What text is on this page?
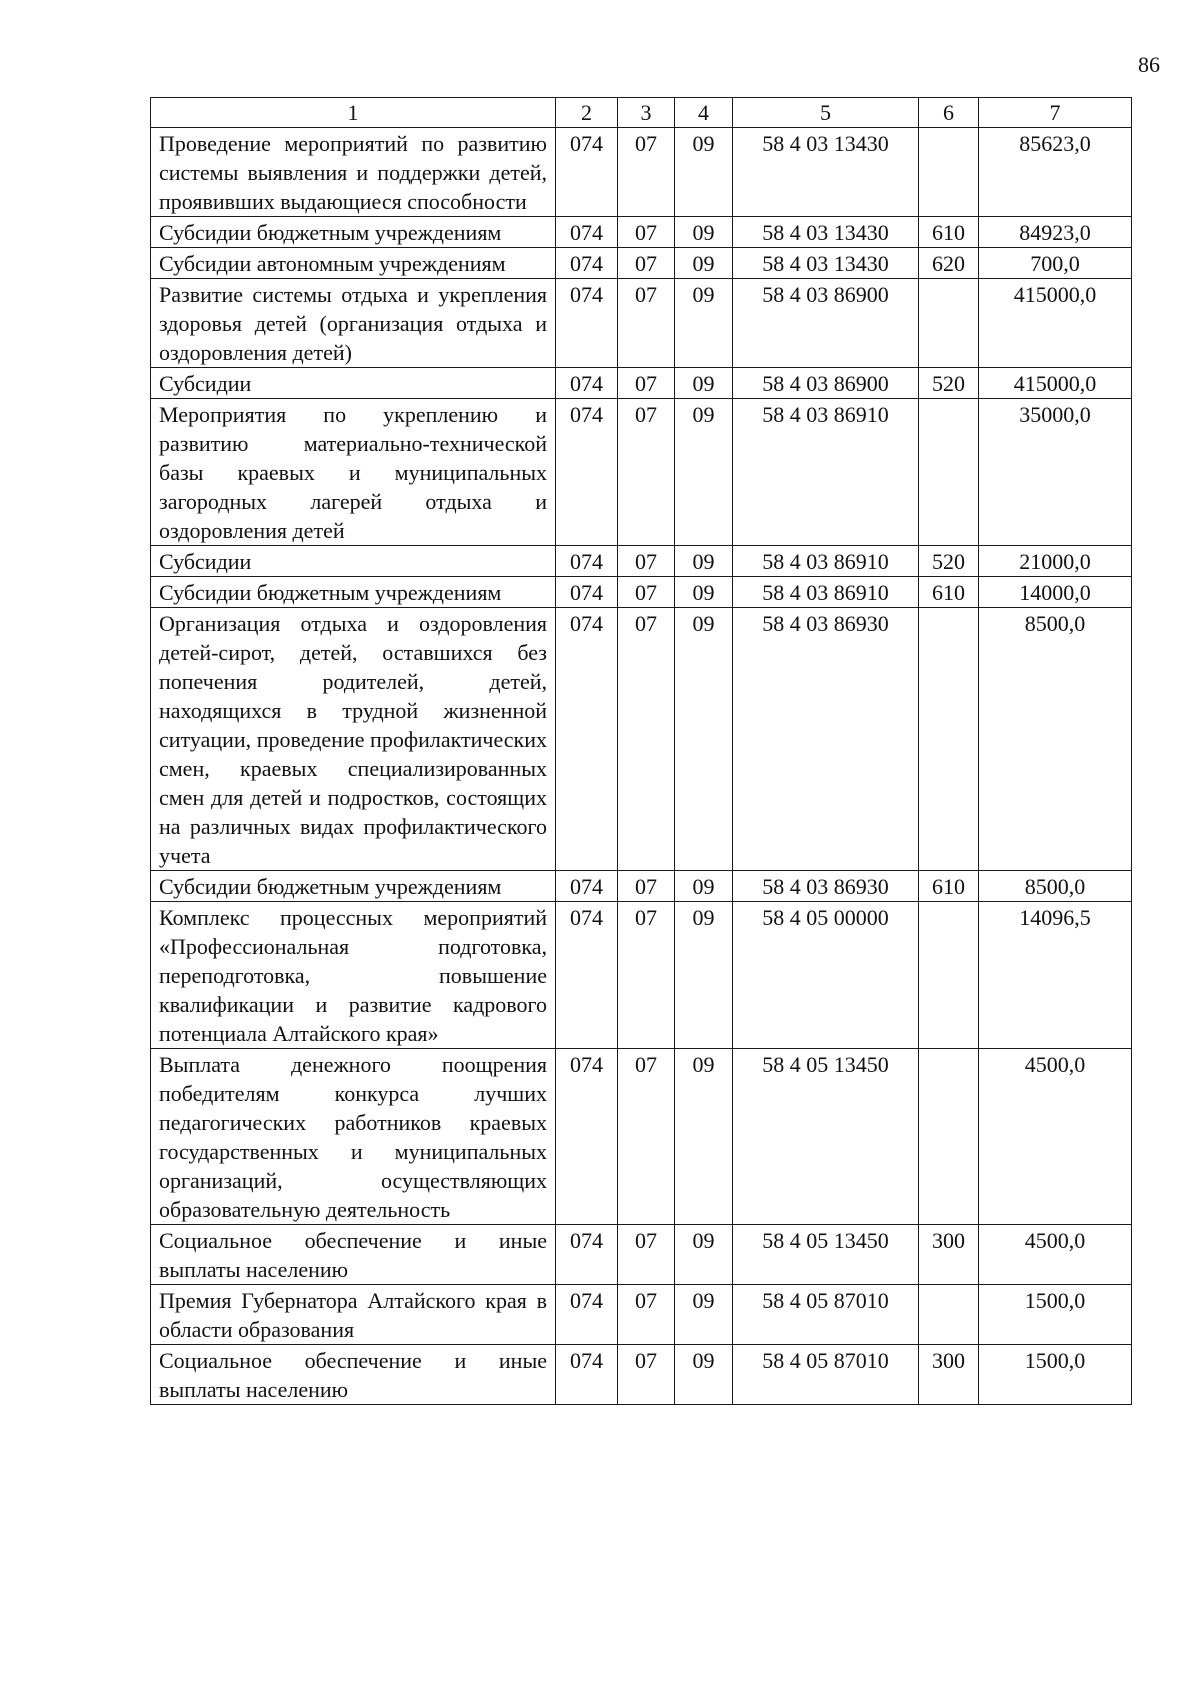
86
1	2	3	4	5	6	7
Проведение мероприятий по развитию системы выявления и поддержки детей, проявивших выдающиеся способности	074	07	09	58 4 03 13430		85623,0
Субсидии бюджетным учреждениям	074	07	09	58 4 03 13430	610	84923,0
Субсидии автономным учреждениям	074	07	09	58 4 03 13430	620	700,0
Развитие системы отдыха и укрепления здоровья детей (организация отдыха и оздоровления детей)	074	07	09	58 4 03 86900		415000,0
Субсидии	074	07	09	58 4 03 86900	520	415000,0
Мероприятия по укреплению и развитию материально-технической базы краевых и муниципальных загородных лагерей отдыха и оздоровления детей	074	07	09	58 4 03 86910		35000,0
Субсидии	074	07	09	58 4 03 86910	520	21000,0
Субсидии бюджетным учреждениям	074	07	09	58 4 03 86910	610	14000,0
Организация отдыха и оздоровления детей-сирот, детей, оставшихся без попечения родителей, детей, находящихся в трудной жизненной ситуации, проведение профилактических смен, краевых специализированных смен для детей и подростков, состоящих на различных видах профилактического учета	074	07	09	58 4 03 86930		8500,0
Субсидии бюджетным учреждениям	074	07	09	58 4 03 86930	610	8500,0
Комплекс процессных мероприятий «Профессиональная подготовка, переподготовка, повышение квалификации и развитие кадрового потенциала Алтайского края»	074	07	09	58 4 05 00000		14096,5
Выплата денежного поощрения победителям конкурса лучших педагогических работников краевых государственных и муниципальных организаций, осуществляющих образовательную деятельность	074	07	09	58 4 05 13450		4500,0
Социальное обеспечение и иные выплаты населению	074	07	09	58 4 05 13450	300	4500,0
Премия Губернатора Алтайского края в области образования	074	07	09	58 4 05 87010		1500,0
Социальное обеспечение и иные выплаты населению	074	07	09	58 4 05 87010	300	1500,0
